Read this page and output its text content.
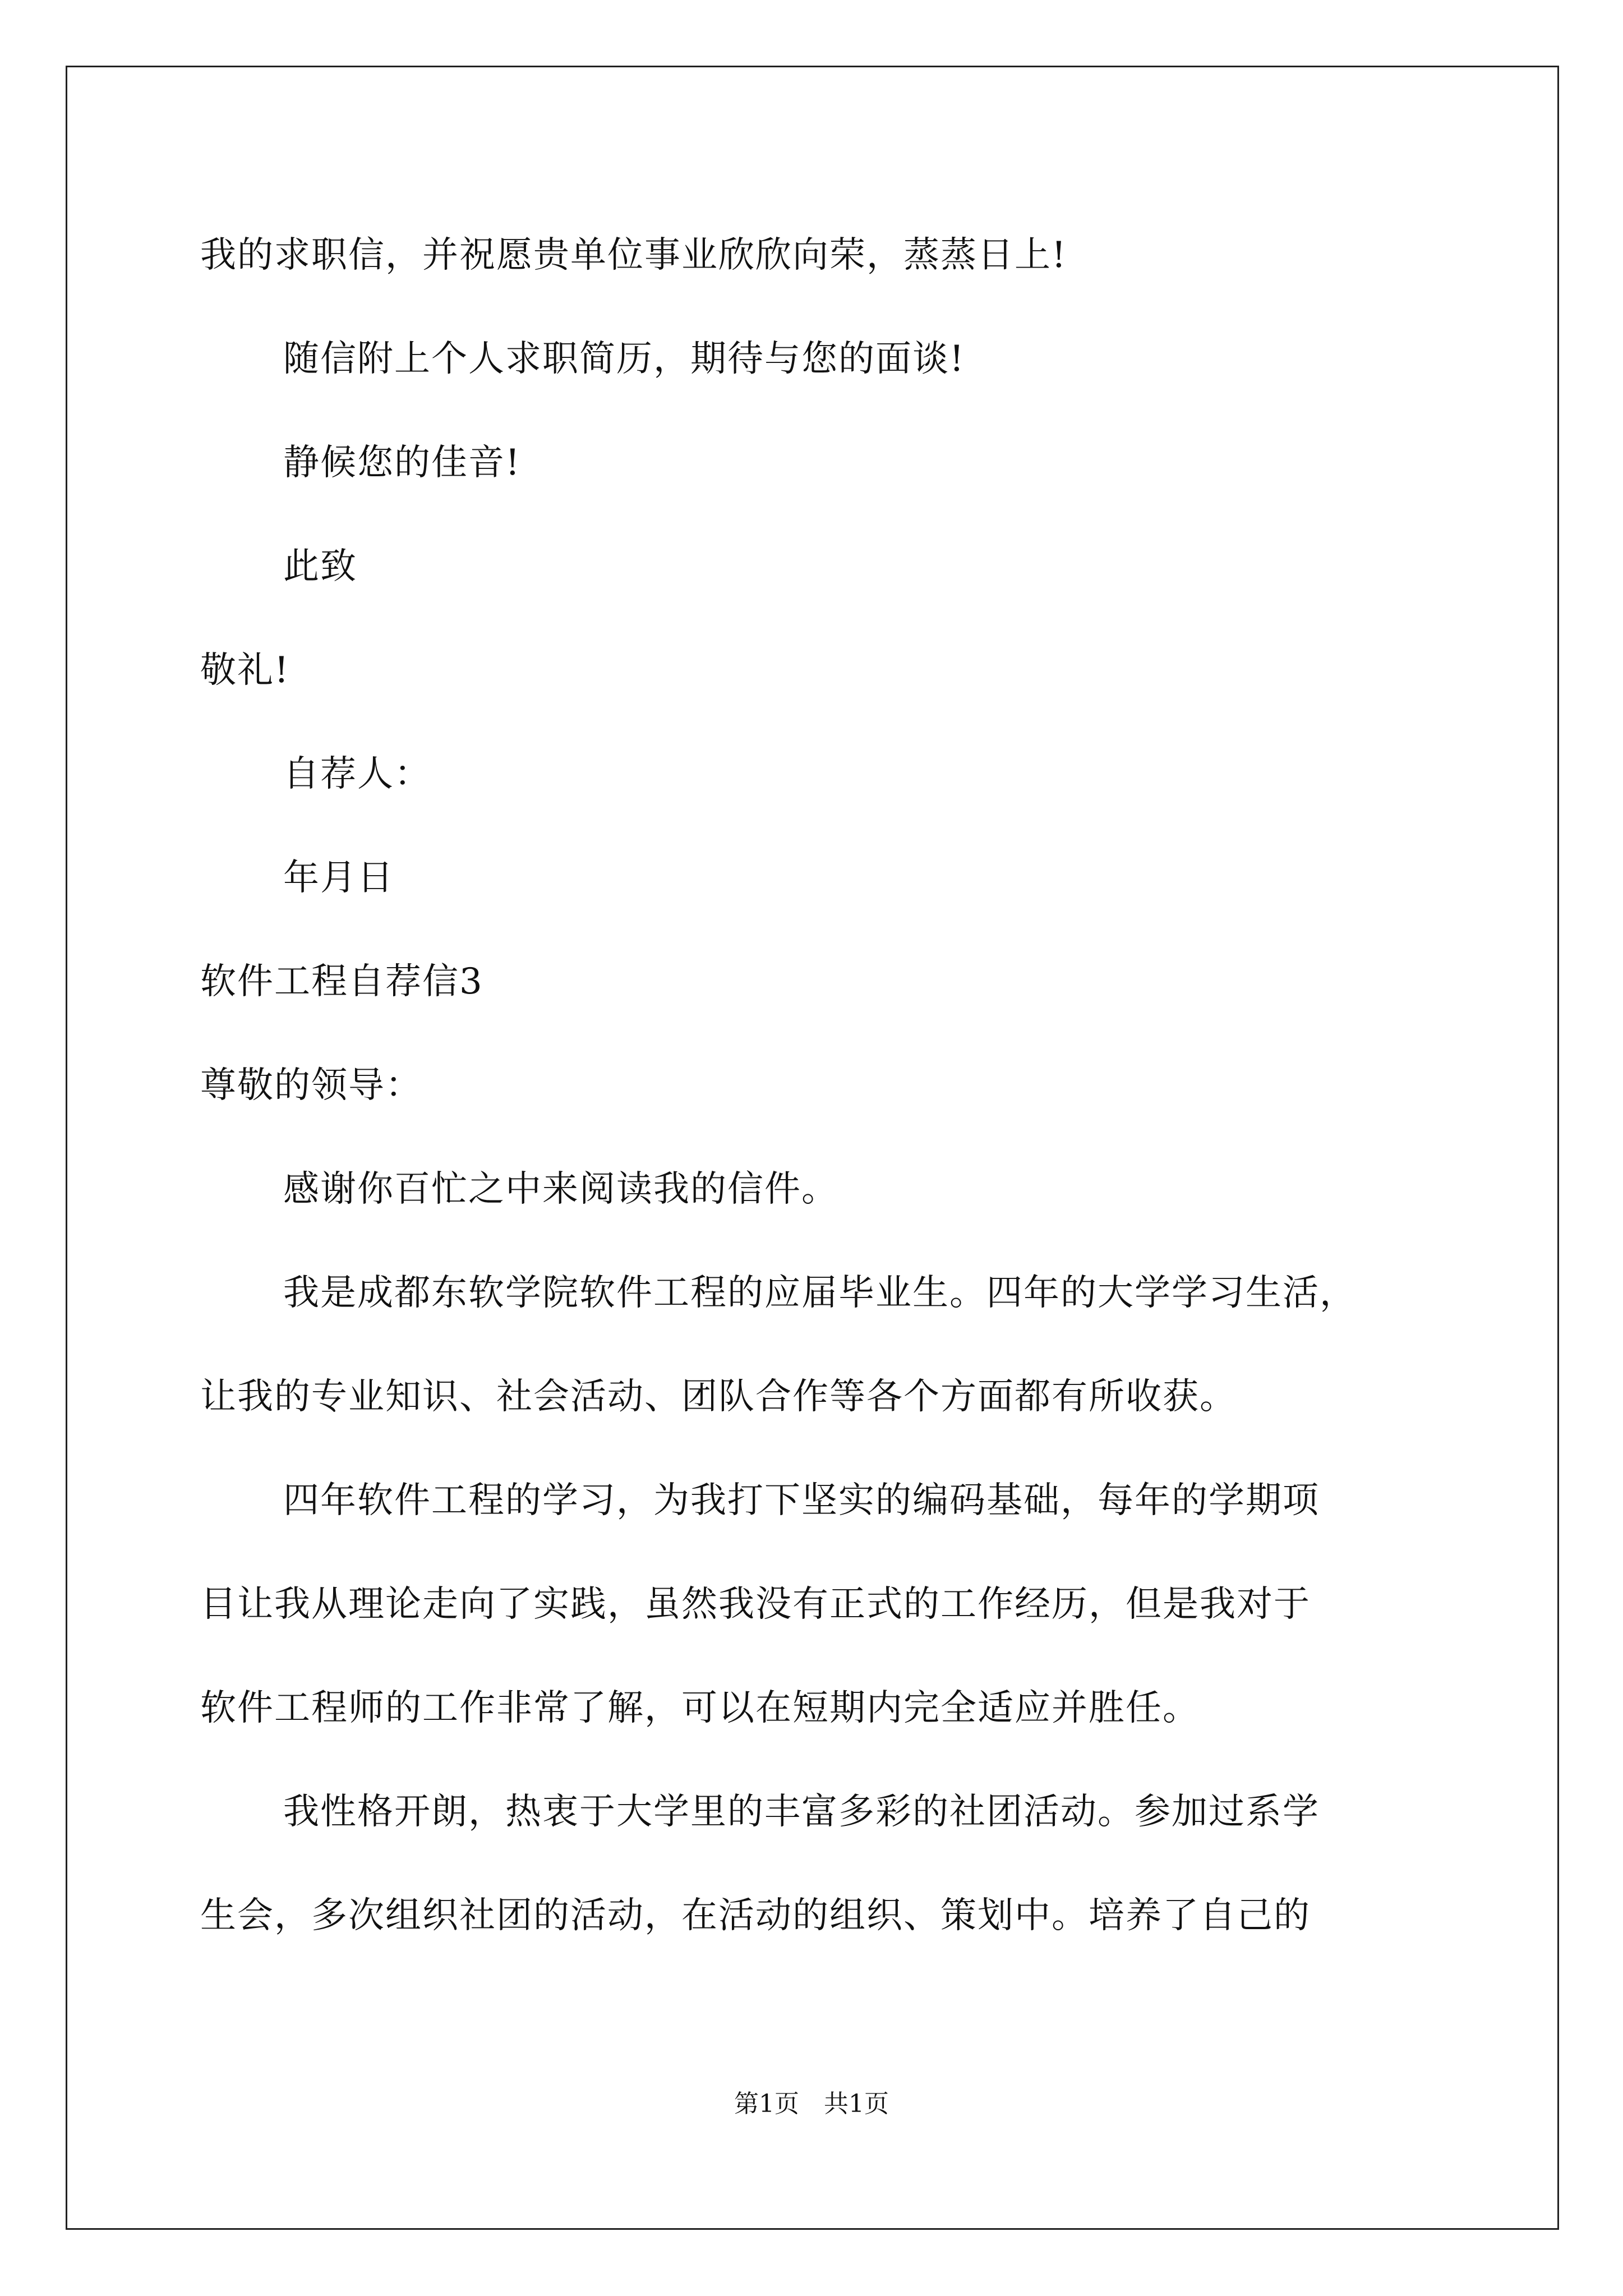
我的求职信，并祝愿贵单位事业欣欣向荣，蒸蒸日上!
随信附上个人求职简历，期待与您的面谈!
静候您的佳音!
此致
敬礼!
自荐人：
年月日
软件工程自荐信3
尊敬的领导：
感谢你百忙之中来阅读我的信件。
我是成都东软学院软件工程的应届毕业生。四年的大学学习生活，
让我的专业知识、社会活动、团队合作等各个方面都有所收获。
四年软件工程的学习，为我打下坚实的编码基础，每年的学期项
目让我从理论走向了实践，虽然我没有正式的工作经历，但是我对于
软件工程师的工作非常了解，可以在短期内完全适应并胜任。
我性格开朗，热衷于大学里的丰富多彩的社团活动。参加过系学
生会，多次组织社团的活动，在活动的组织、策划中。培养了自己的
第1页　共1页
